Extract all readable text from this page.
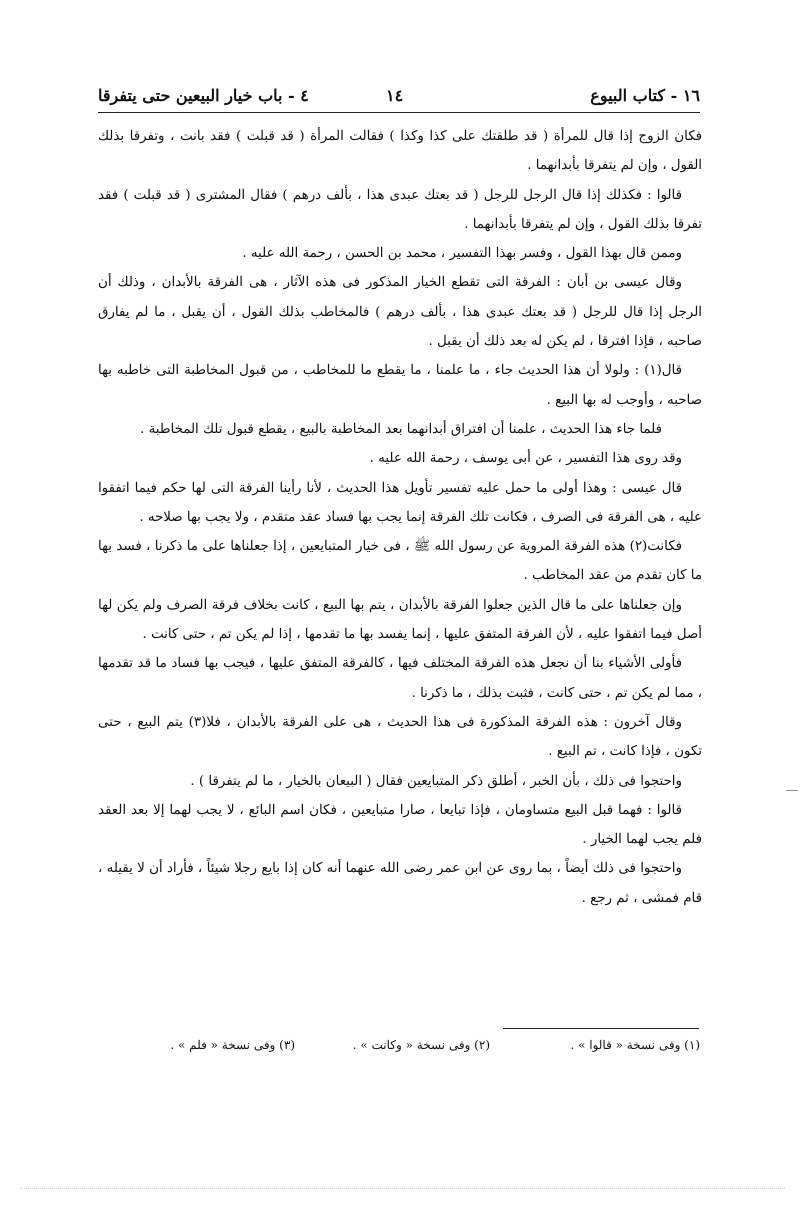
١٦ - كتاب البيوع
١٤
٤ - باب خيار البيعين حتى يتفرقا

فكان الزوج إذا قال للمرأة ( قد طلقتك على كذا وكذا ) فقالت المرأة ( قد قبلت ) فقد بانت ، وتفرقا بذلك القول ، وإن لم يتفرقا بأبدانهما .

قالوا : فكذلك إذا قال الرجل للرجل ( قد بعتك عبدى هذا ، بألف درهم ) فقال المشترى ( قد قبلت ) فقد تفرقا بذلك القول ، وإن لم يتفرقا بأبدانهما .

وممن قال بهذا القول ، وفسر بهذا التفسير ، محمد بن الحسن ، رحمة الله عليه .

وقال عيسى بن أبان : الفرقة التى تقطع الخيار المذكور فى هذه الآثار ، هى الفرقة بالأبدان ، وذلك أن الرجل إذا قال للرجل ( قد بعتك عبدى هذا ، بألف درهم ) فالمخاطب بذلك القول ، أن يقبل ، ما لم يفارق صاحبه ، فإذا افترقا ، لم يكن له بعد ذلك أن يقبل .

قال(١) : ولولا أن هذا الحديث جاء ، ما علمنا ، ما يقطع ما للمخاطب ، من قبول المخاطبة التى خاطبه بها صاحبه ، وأوجب له بها البيع .

فلما جاء هذا الحديث ، علمنا أن افتراق أبدانهما بعد المخاطبة بالبيع ، يقطع قبول تلك المخاطبة .

وقد روى هذا التفسير ، عن أبى يوسف ، رحمة الله عليه .

قال عيسى : وهذا أولى ما حمل عليه تفسير تأويل هذا الحديث ، لأنا رأينا الفرقة التى لها حكم فيما اتفقوا عليه ، هى الفرقة فى الصرف ، فكانت تلك الفرقة إنما يجب بها فساد عقد متقدم ، ولا يجب بها صلاحه .

فكانت(٢) هذه الفرقة المروية عن رسول الله ﷺ ، فى خيار المتبايعين ، إذا جعلناها على ما ذكرنا ، فسد بها ما كان تقدم من عقد المخاطب .

وإن جعلناها على ما قال الذين جعلوا الفرقة بالأبدان ، يتم بها البيع ، كانت بخلاف فرقة الصرف ولم يكن لها أصل فيما اتفقوا عليه ، لأن الفرقة المتفق عليها ، إنما يفسد بها ما تقدمها ، إذا لم يكن تم ، حتى كانت .

فأولى الأشياء بنا أن نجعل هذه الفرقة المختلف فيها ، كالفرقة المتفق عليها ، فيجب بها فساد ما قد تقدمها ، مما لم يكن تم ، حتى كانت ، فثبت بذلك ، ما ذكرنا .

وقال آخرون : هذه الفرقة المذكورة فى هذا الحديث ، هى على الفرقة بالأبدان ، فلا(٣) يتم البيع ، حتى تكون ، فإذا كانت ، تم البيع .

واحتجوا فى ذلك ، بأن الخبر ، أطلق ذكر المتبايعين فقال ( البيعان بالخيار ، ما لم يتفرقا ) .

قالوا : فهما قبل البيع متساومان ، فإذا تبايعا ، صارا متبايعين ، فكان اسم البائع ، لا يجب لهما إلا بعد العقد فلم يجب لهما الخيار .

واحتجوا فى ذلك أيضاً ، بما روى عن ابن عمر رضى الله عنهما أنه كان إذا بايع رجلا شيئاً ، فأراد أن لا يقيله ، قام فمشى ، ثم رجع .

(١) وفى نسخة « قالوا » .
(٢) وفى نسخة « وكانت » .
(٣) وفى نسخة « فلم » .
